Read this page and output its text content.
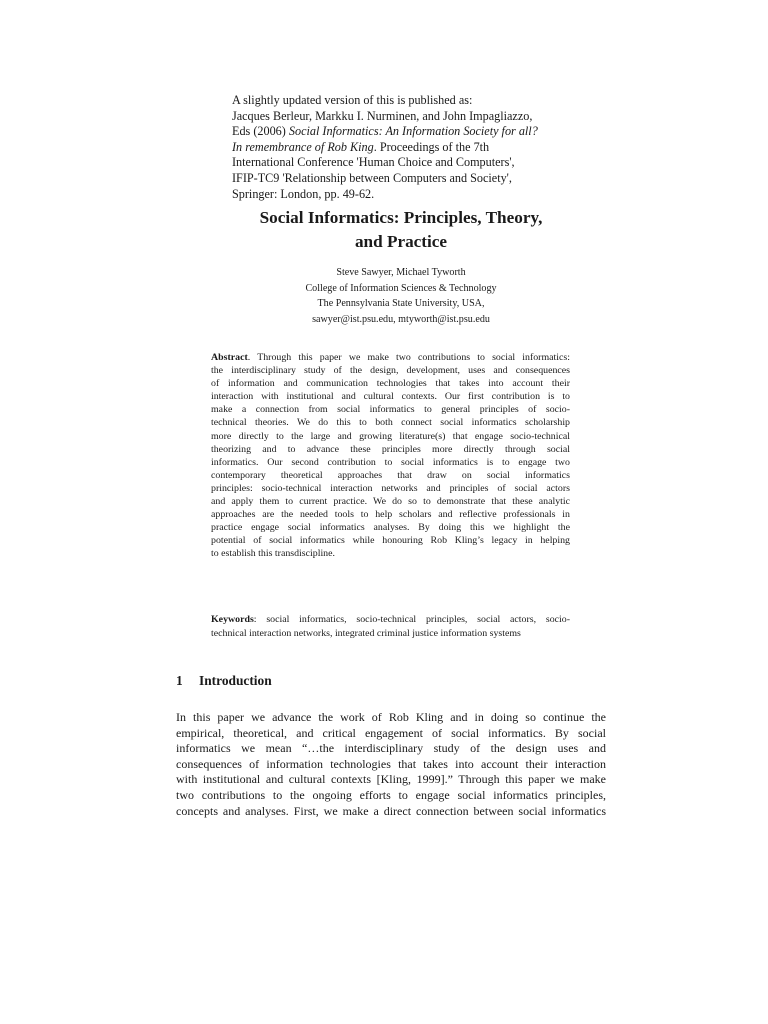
A slightly updated version of this is published as:
Jacques Berleur, Markku I. Nurminen, and John Impagliazzo,
Eds (2006) Social Informatics: An Information Society for all?
In remembrance of Rob King. Proceedings of the 7th
International Conference 'Human Choice and Computers',
IFIP-TC9 'Relationship between Computers and Society',
Springer: London, pp. 49-62.
Social Informatics: Principles, Theory,
and Practice
Steve Sawyer, Michael Tyworth
College of Information Sciences & Technology
The Pennsylvania State University, USA,
sawyer@ist.psu.edu, mtyworth@ist.psu.edu
Abstract. Through this paper we make two contributions to social informatics:
the interdisciplinary study of the design, development, uses and consequences
of information and communication technologies that takes into account their
interaction with institutional and cultural contexts. Our first contribution is to
make a connection from social informatics to general principles of socio-
technical theories. We do this to both connect social informatics scholarship
more directly to the large and growing literature(s) that engage socio-technical
theorizing and to advance these principles more directly through social
informatics. Our second contribution to social informatics is to engage two
contemporary theoretical approaches that draw on social informatics
principles: socio-technical interaction networks and principles of social actors
and apply them to current practice. We do so to demonstrate that these analytic
approaches are the needed tools to help scholars and reflective professionals in
practice engage social informatics analyses. By doing this we highlight the
potential of social informatics while honouring Rob Kling’s legacy in helping
to establish this transdiscipline.
Keywords: social informatics, socio-technical principles, social actors, socio-
technical interaction networks, integrated criminal justice information systems
1 Introduction
In this paper we advance the work of Rob Kling and in doing so continue the
empirical, theoretical, and critical engagement of social informatics. By social
informatics we mean “…the interdisciplinary study of the design uses and
consequences of information technologies that takes into account their interaction
with institutional and cultural contexts [Kling, 1999].” Through this paper we make
two contributions to the ongoing efforts to engage social informatics principles,
concepts and analyses. First, we make a direct connection between social informatics
